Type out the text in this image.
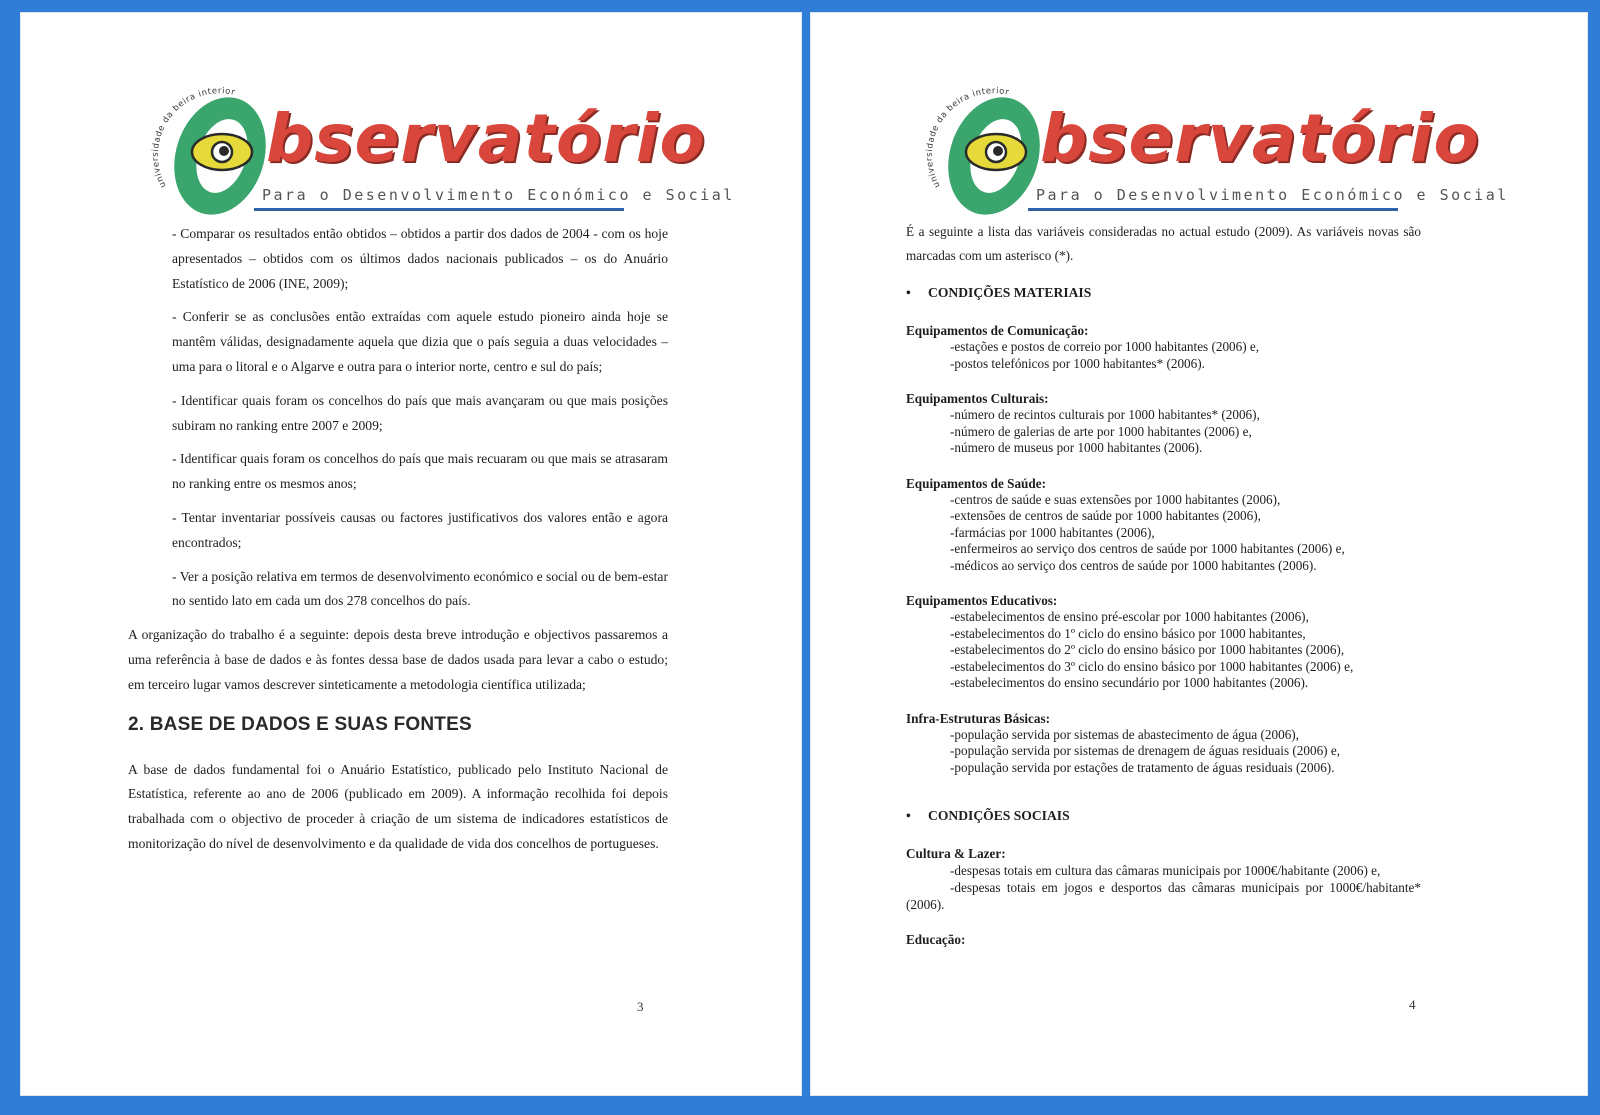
universidade da beira interior
bservatório
Para o Desenvolvimento Económico e Social

- Comparar os resultados então obtidos – obtidos a partir dos dados de 2004 - com os hoje apresentados – obtidos com os últimos dados nacionais publicados – os do Anuário Estatístico de 2006 (INE, 2009);

- Conferir se as conclusões então extraídas com aquele estudo pioneiro ainda hoje se mantêm válidas, designadamente aquela que dizia que o país seguia a duas velocidades – uma para o litoral e o Algarve e outra para o interior norte, centro e sul do país;

- Identificar quais foram os concelhos do país que mais avançaram ou que mais posições subiram no ranking entre 2007 e 2009;

- Identificar quais foram os concelhos do país que mais recuaram ou que mais se atrasaram no ranking entre os mesmos anos;

- Tentar inventariar possíveis causas ou factores justificativos dos valores então e agora encontrados;

- Ver a posição relativa em termos de desenvolvimento económico e social ou de bem-estar no sentido lato em cada um dos 278 concelhos do país.

A organização do trabalho é a seguinte: depois desta breve introdução e objectivos passaremos a uma referência à base de dados e às fontes dessa base de dados usada para levar a cabo o estudo; em terceiro lugar vamos descrever sinteticamente a metodologia científica utilizada;

2. BASE DE DADOS E SUAS FONTES

A base de dados fundamental foi o Anuário Estatístico, publicado pelo Instituto Nacional de Estatística, referente ao ano de 2006 (publicado em 2009). A informação recolhida foi depois trabalhada com o objectivo de proceder à criação de um sistema de indicadores estatísticos de monitorização do nível de desenvolvimento e da qualidade de vida dos concelhos de portugueses.

3
universidade da beira interior
bservatório
Para o Desenvolvimento Económico e Social

É a seguinte a lista das variáveis consideradas no actual estudo (2009). As variáveis novas são marcadas com um asterisco (*).

• CONDIÇÕES MATERIAIS

Equipamentos de Comunicação:

-estações e postos de correio por 1000 habitantes (2006) e,

-postos telefónicos por 1000 habitantes* (2006).

Equipamentos Culturais:

-número de recintos culturais por 1000 habitantes* (2006),

-número de galerias de arte por 1000 habitantes (2006) e,

-número de museus por 1000 habitantes (2006).

Equipamentos de Saúde:

-centros de saúde e suas extensões por 1000 habitantes (2006),

-extensões de centros de saúde por 1000 habitantes (2006),

-farmácias por 1000 habitantes (2006),

-enfermeiros ao serviço dos centros de saúde por 1000 habitantes (2006) e,

-médicos ao serviço dos centros de saúde por 1000 habitantes (2006).

Equipamentos Educativos:

-estabelecimentos de ensino pré-escolar por 1000 habitantes (2006),

-estabelecimentos do 1º ciclo do ensino básico por 1000 habitantes,

-estabelecimentos do 2º ciclo do ensino básico por 1000 habitantes (2006),

-estabelecimentos do 3º ciclo do ensino básico por 1000 habitantes (2006) e,

-estabelecimentos do ensino secundário por 1000 habitantes (2006).

Infra-Estruturas Básicas:

-população servida por sistemas de abastecimento de água (2006),

-população servida por sistemas de drenagem de águas residuais (2006) e,

-população servida por estações de tratamento de águas residuais (2006).

• CONDIÇÕES SOCIAIS

Cultura & Lazer:

-despesas totais em cultura das câmaras municipais por 1000€/habitante (2006) e,

-despesas totais em jogos e desportos das câmaras municipais por 1000€/habitante* (2006).

Educação:

4
